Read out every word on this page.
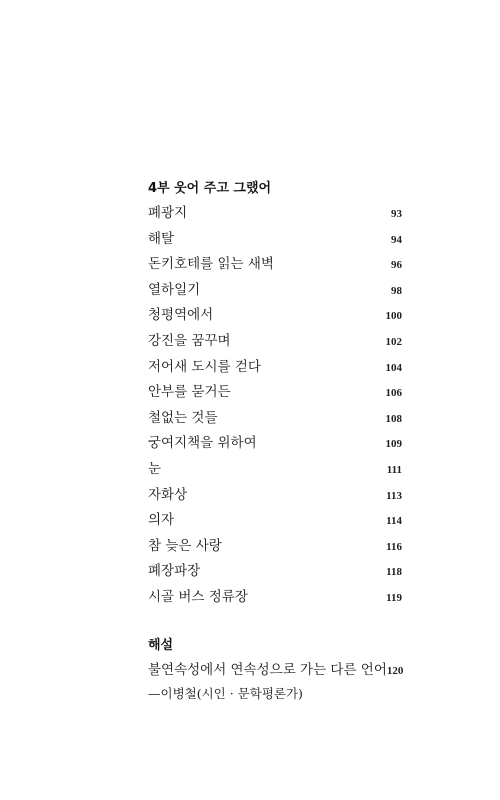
4부 웃어 주고 그랬어
폐광지	93
해탈	94
돈키호테를 읽는 새벽	96
열하일기	98
청평역에서	100
강진을 꿈꾸며	102
저어새 도시를 걷다	104
안부를 묻거든	106
철없는 것들	108
궁여지책을 위하여	109
눈	111
자화상	113
의자	114
참 늦은 사랑	116
폐장파장	118
시골 버스 정류장	119
해설
불연속성에서 연속성으로 가는 다른 언어 120
—이병철(시인 · 문학평론가)
